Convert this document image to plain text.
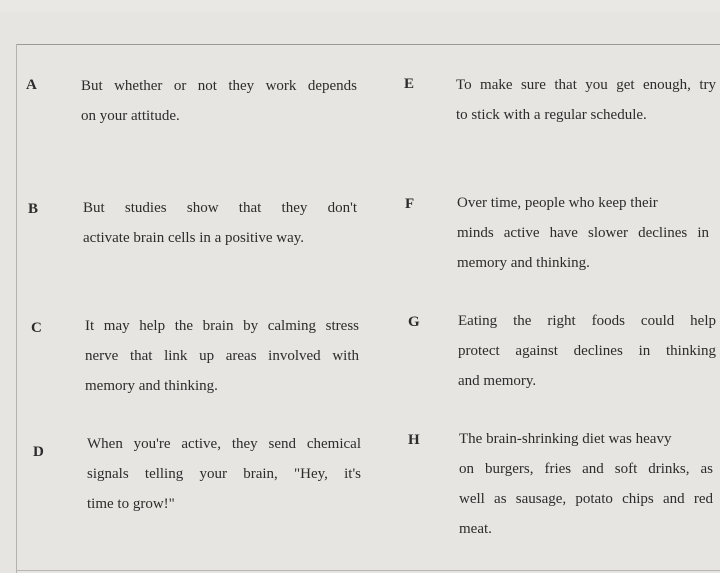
A	But whether or not they work depends
on your attitude.
B	But studies show that they don't
activate brain cells in a positive way.
C	It may help the brain by calming stress
nerve that link up areas involved with
memory and thinking.
D	When you're active, they send chemical
signals telling your brain, "Hey, it's
time to grow!"
E	To make sure that you get enough, try
to stick with a regular schedule.
F	Over time, people who keep their
minds active have slower declines in
memory and thinking.
G	Eating the right foods could help
protect against declines in thinking
and memory.
H	The brain-shrinking diet was heavy
on burgers, fries and soft drinks, as
well as sausage, potato chips and red
meat.
